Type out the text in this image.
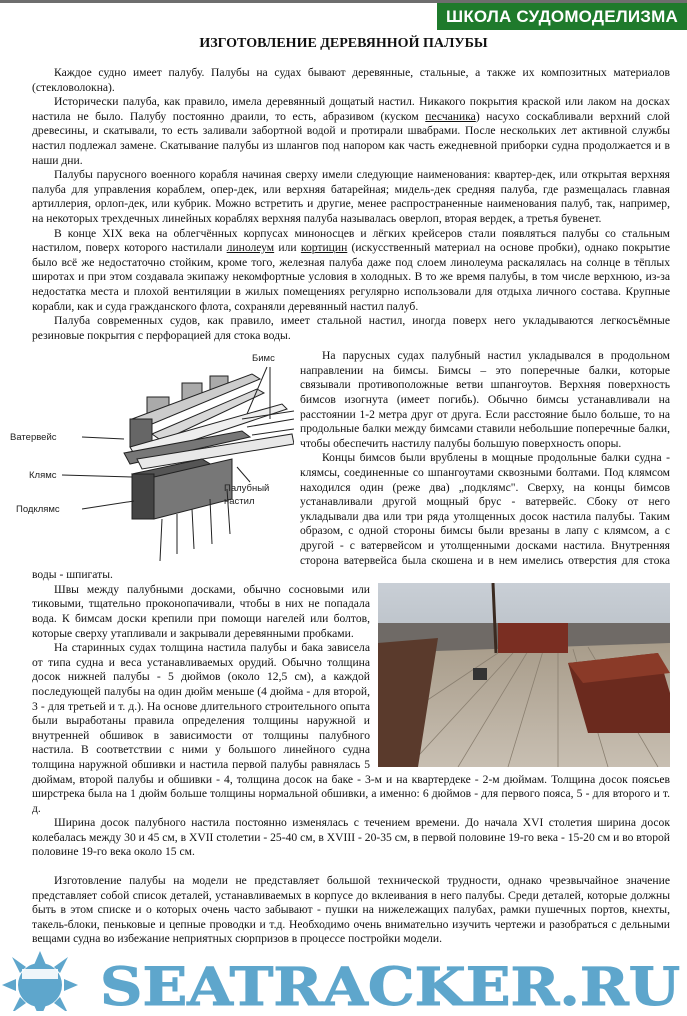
ШКОЛА СУДОМОДЕЛИЗМА
ИЗГОТОВЛЕНИЕ ДЕРЕВЯННОЙ ПАЛУБЫ

Каждое судно имеет палубу. Палубы на судах бывают деревянные, стальные, а также их композитных материалов (стекловолокна).

Исторически палуба, как правило, имела деревянный дощатый настил. Никакого покрытия краской или лаком на досках настила не было. Палубу постоянно драили, то есть, абразивом (куском песчаника) насухо соскабливали верхний слой древесины, и скатывали, то есть заливали забортной водой и протирали швабрами. После нескольких лет активной службы настил подлежал замене. Скатывание палубы из шлангов под напором как часть ежедневной приборки судна продолжается и в наши дни.

Палубы парусного военного корабля начиная сверху имели следующие наименования: квартер-дек, или открытая верхняя палуба для управления кораблем, опер-дек, или верхняя батарейная; мидель-дек средняя палуба, где размещалась главная артиллерия, орлоп-дек, или кубрик. Можно встретить и другие, менее распространенные наименования палуб, так, например, на некоторых трехдечных линейных кораблях верхняя палуба называлась оверлоп, вторая вердек, а третья бувенет.

В конце XIX века на облегчённых корпусах миноносцев и лёгких крейсеров стали появляться палубы со стальным настилом, поверх которого настилали линолеум или кортицин (искусственный материал на основе пробки), однако покрытие было всё же недостаточно стойким, кроме того, железная палуба даже под слоем линолеума раскалялась на солнце в тёплых широтах и при этом создавала экипажу некомфортные условия в холодных. В то же время палубы, в том числе верхнюю, из-за недостатка места и плохой вентиляции в жилых помещениях регулярно использовали для отдыха личного состава. Крупные корабли, как и суда гражданского флота, сохраняли деревянный настил палуб.

Палуба современных судов, как правило, имеет стальной настил, иногда поверх него укладываются легкосъёмные резиновые покрытия с перфорацией для стока воды.

Бимс
Ватервейс
Клямс
Подклямс
Палубный
настил

На парусных судах палубный настил укладывался в продольном направлении на бимсы. Бимсы – это поперечные балки, которые связывали противоположные ветви шпангоутов. Верхняя поверхность бимсов изогнута (имеет погибь). Обычно бимсы устанавливали на расстоянии 1-2 метра друг от друга. Если расстояние было больше, то на продольные балки между бимсами ставили небольшие поперечные балки, чтобы обеспечить настилу палубы большую поверхность опоры.

Концы бимсов были врублены в мощные продольные балки судна - клямсы, соединенные со шпангоутами сквозными болтами. Под клямсом находился один (реже два) „подклямс". Сверху, на концы бимсов устанавливали другой мощный брус - ватервейс. Сбоку от него укладывали два или три ряда утолщенных досок настила палубы. Таким образом, с одной стороны бимсы были врезаны в лапу с клямсом, а с другой - с ватервейсом и утолщенными досками настила. Внутренняя сторона ватервейса была скошена и в нем имелись отверстия для стока воды - шпигаты.

Швы между палубными досками, обычно сосновыми или тиковыми, тщательно проконопачивали, чтобы в них не попадала вода. К бимсам доски крепили при помощи нагелей или болтов, которые сверху утапливали и закрывали деревянными пробками.

На старинных судах толщина настила палубы и бака зависела от типа судна и веса устанавливаемых орудий. Обычно толщина досок нижней палубы - 5 дюймов (около 12,5 см), а каждой последующей палубы на один дюйм меньше (4 дюйма - для второй, 3 - для третьей и т. д.). На основе длительного строительного опыта были выработаны правила определения толщины наружной и внутренней обшивок в зависимости от толщины палубного настила. В соответствии с ними у большого линейного судна толщина наружной обшивки и настила первой палубы равнялась 5 дюймам, второй палубы и обшивки - 4, толщина досок на баке - 3-м и на квартердеке - 2-м дюймам. Толщина досок поясьев ширстрека была на 1 дюйм больше толщины нормальной обшивки, а именно: 6 дюймов - для первого пояса, 5 - для второго и т. д.

Ширина досок палубного настила постоянно изменялась с течением времени. До начала XVI столетия ширина досок колебалась между 30 и 45 см, в XVII столетии - 25-40 см, в XVIII - 20-35 см, в первой половине 19-го века - 15-20 см и во второй половине 19-го века около 15 см.

Изготовление палубы на модели не представляет большой технической трудности, однако чрезвычайное значение представляет собой список деталей, устанавливаемых в корпусе до вклеивания в него палубы. Среди деталей, которые должны быть в этом списке и о которых очень часто забывают - пушки на нижележащих палубах, рамки пушечных портов, кнехты, такель-блоки, пеньковые и цепные проводки и т.д. Необходимо очень внимательно изучить чертежи и разобраться с дельными вещами судна во избежание неприятных сюрпризов в процессе постройки модели.

SEATRACKER.RU
